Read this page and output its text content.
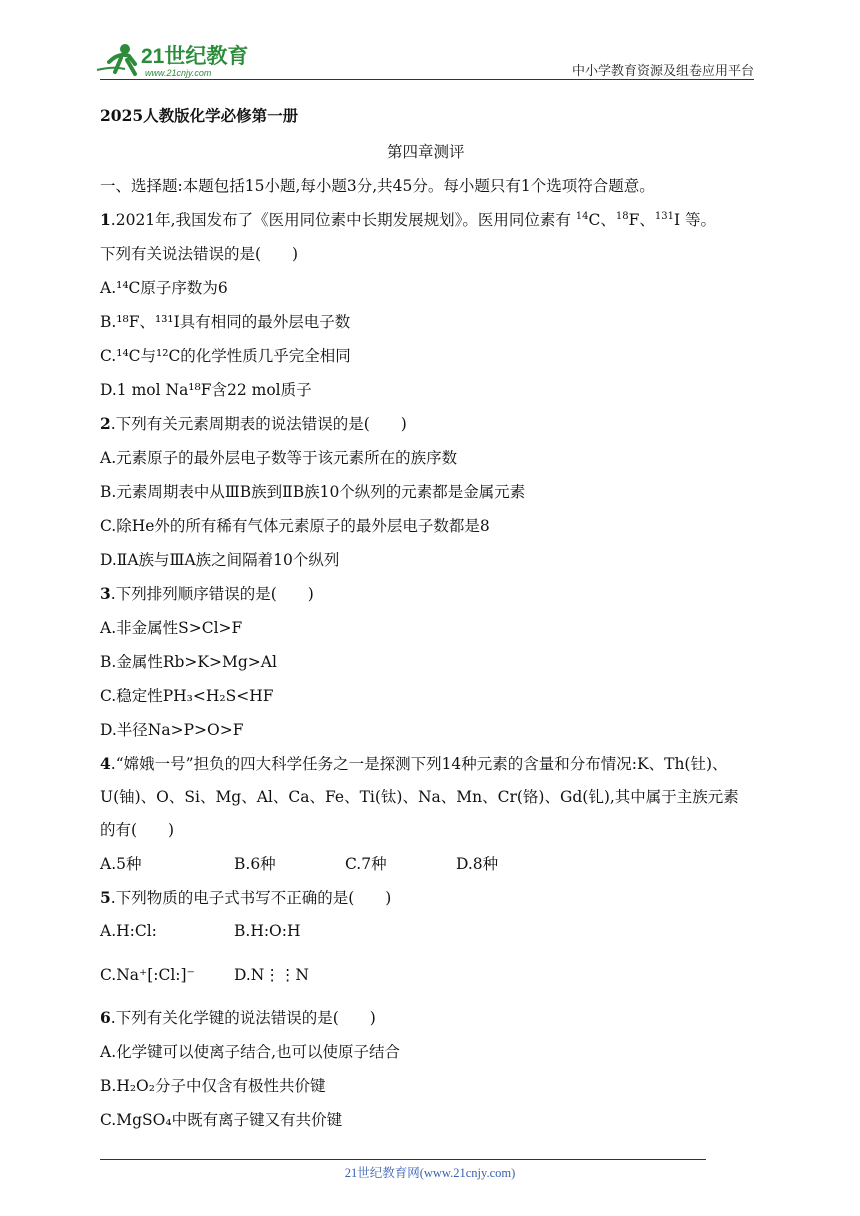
21世纪教育
www.21cnjy.com	中小学教育资源及组卷应用平台
2025人教版化学必修第一册
第四章测评
一、选择题:本题包括15小题,每小题3分,共45分。每小题只有1个选项符合题意。
1.2021年,我国发布了《医用同位素中长期发展规划》。医用同位素有 $^{14}$C、$^{18}$F、$^{131}$I 等。
下列有关说法错误的是(　　)
A.¹⁴C原子序数为6
B.¹⁸F、¹³¹I具有相同的最外层电子数
C.¹⁴C与¹²C的化学性质几乎完全相同
D.1 mol Na¹⁸F含22 mol质子
2.下列有关元素周期表的说法错误的是(　　)
A.元素原子的最外层电子数等于该元素所在的族序数
B.元素周期表中从ⅢB族到ⅡB族10个纵列的元素都是金属元素
C.除He外的所有稀有气体元素原子的最外层电子数都是8
D.ⅡA族与ⅢA族之间隔着10个纵列
3.下列排列顺序错误的是(　　)
A.非金属性S>Cl>F
B.金属性Rb>K>Mg>Al
C.稳定性PH₃<H₂S<HF
D.半径Na>P>O>F
4.“嫦娥一号”担负的四大科学任务之一是探测下列14种元素的含量和分布情况:K、Th(钍)、
U(铀)、O、Si、Mg、Al、Ca、Fe、Ti(钛)、Na、Mn、Cr(铬)、Gd(钆),其中属于主族元素
的有(　　)
A.5种	B.6种	C.7种	D.8种
5.下列物质的电子式书写不正确的是(　　)
A.H:Cl:	B.H:O:H
C.Na⁺[:Cl:]⁻	D.N⋮⋮N
6.下列有关化学键的说法错误的是(　　)
A.化学键可以使离子结合,也可以使原子结合
B.H₂O₂分子中仅含有极性共价键
C.MgSO₄中既有离子键又有共价键
21世纪教育网(www.21cnjy.com)
